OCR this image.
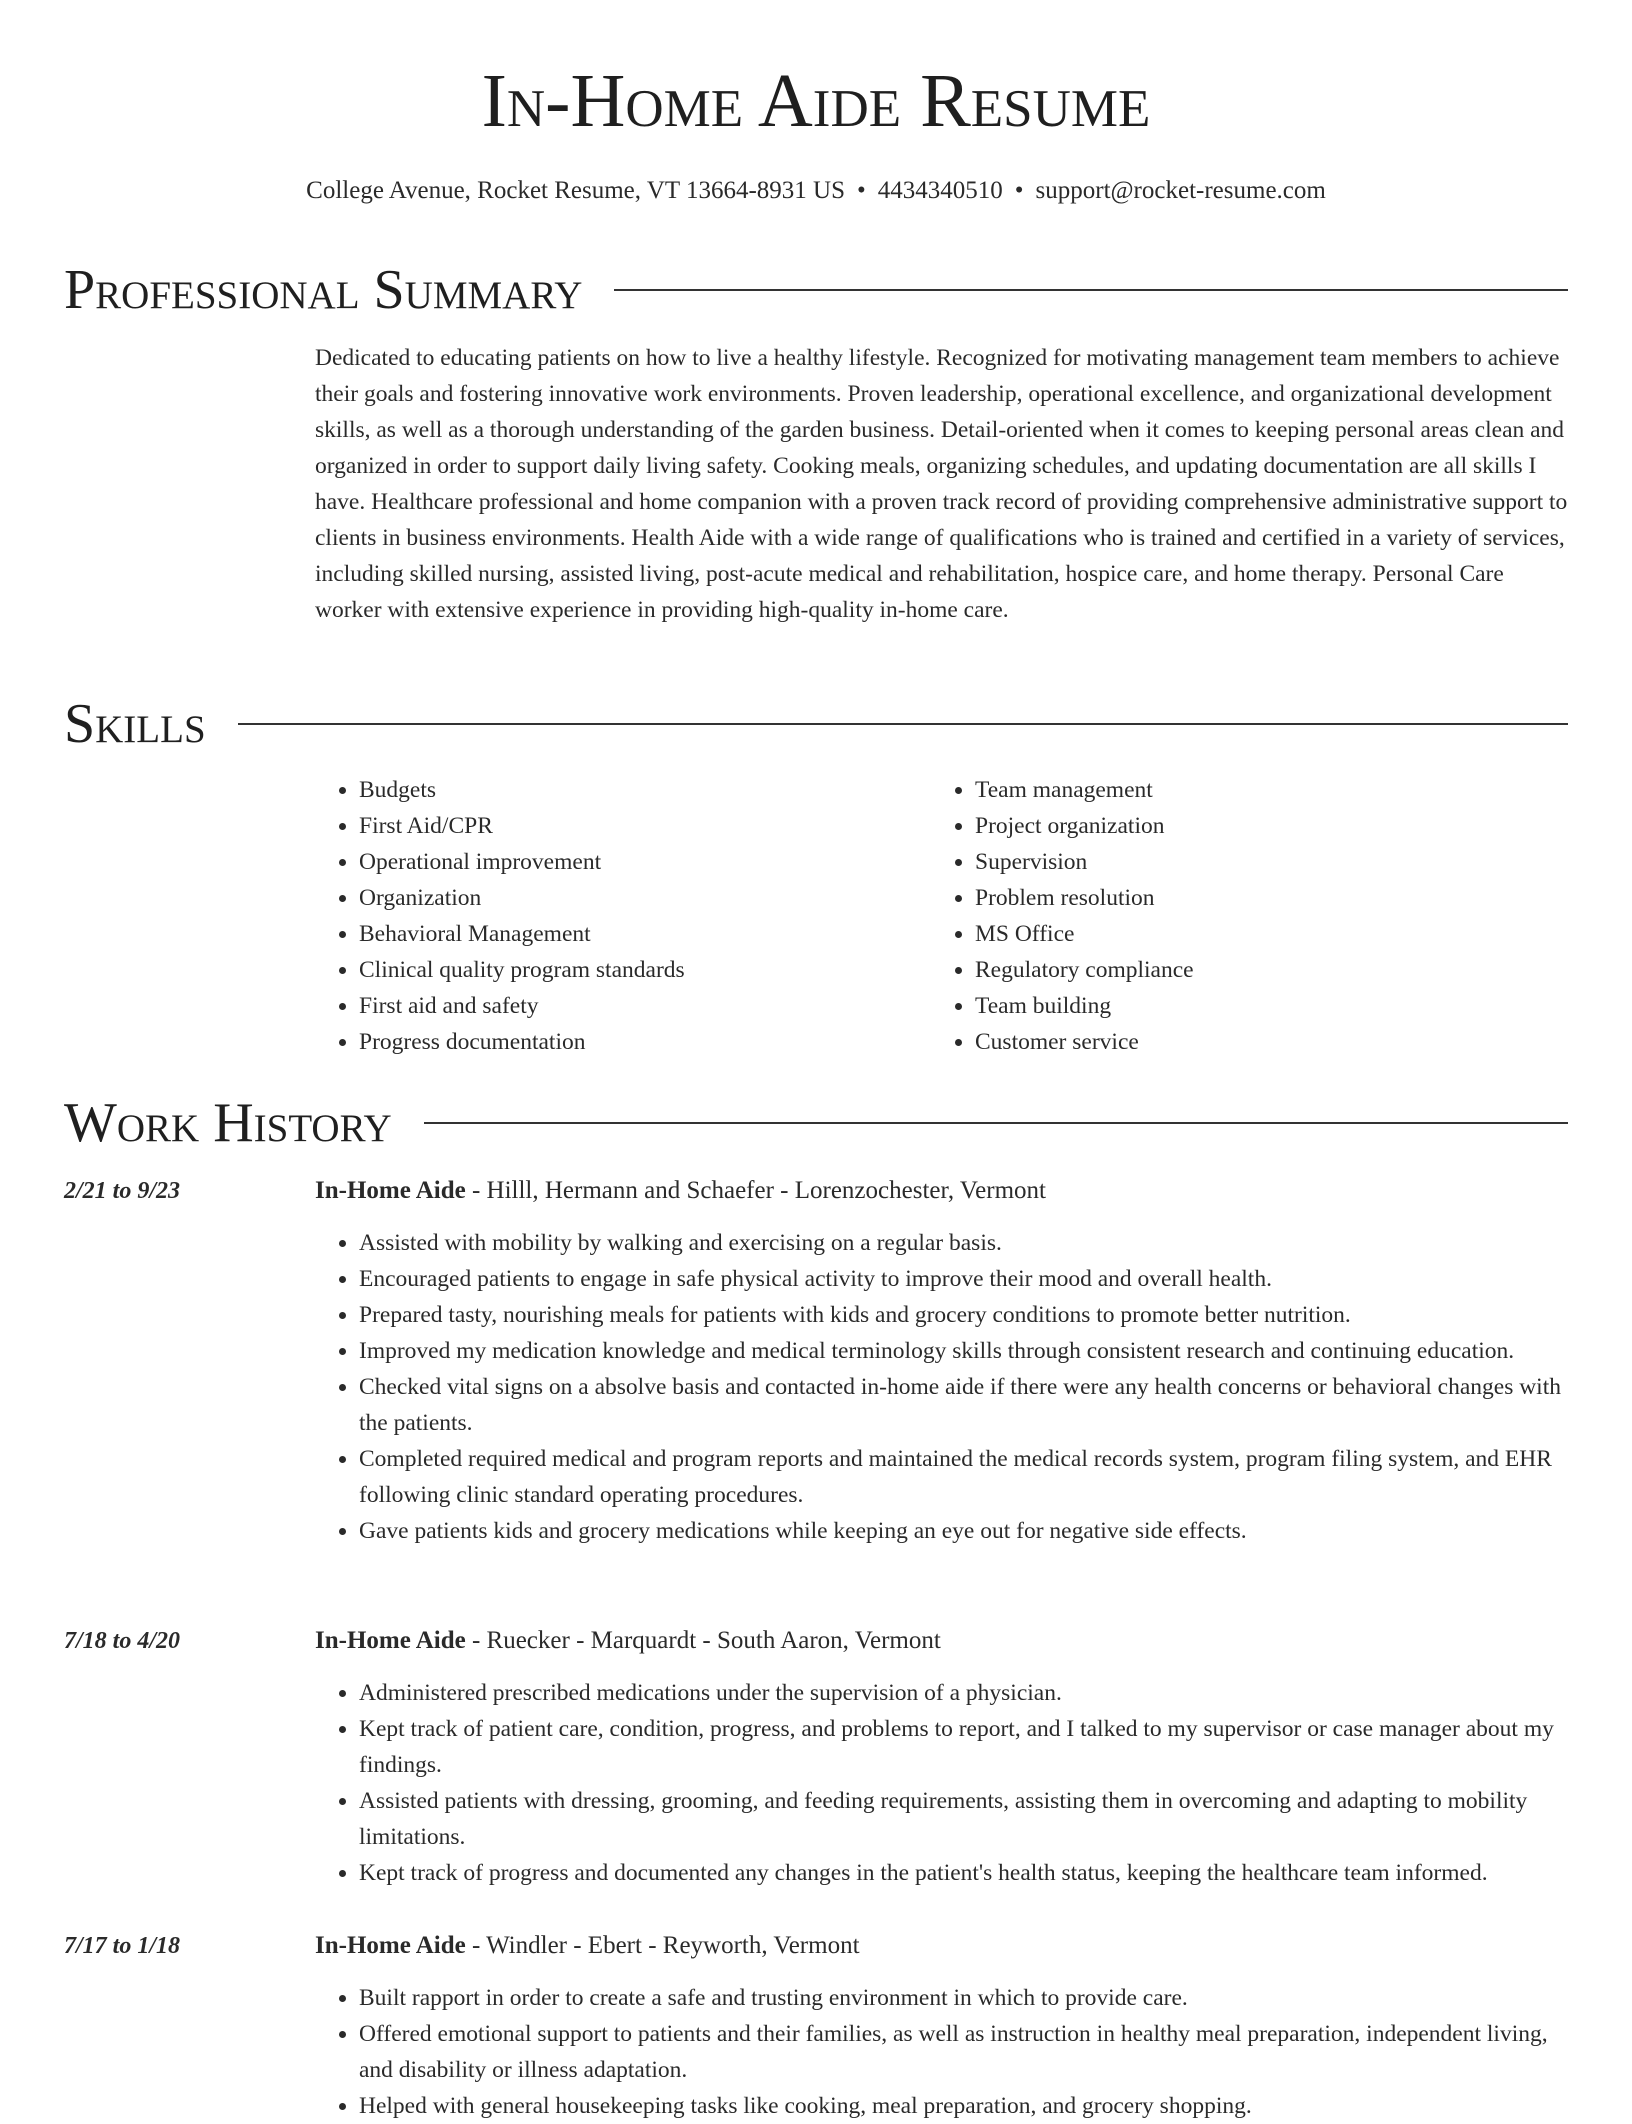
In-Home Aide Resume
College Avenue, Rocket Resume, VT 13664-8931 US • 4434340510 • support@rocket-resume.com
Professional Summary

Dedicated to educating patients on how to live a healthy lifestyle. Recognized for motivating management team members to achieve their goals and fostering innovative work environments. Proven leadership, operational excellence, and organizational development skills, as well as a thorough understanding of the garden business. Detail-oriented when it comes to keeping personal areas clean and organized in order to support daily living safety. Cooking meals, organizing schedules, and updating documentation are all skills I have. Healthcare professional and home companion with a proven track record of providing comprehensive administrative support to clients in business environments. Health Aide with a wide range of qualifications who is trained and certified in a variety of services, including skilled nursing, assisted living, post-acute medical and rehabilitation, hospice care, and home therapy. Personal Care worker with extensive experience in providing high-quality in-home care.

Skills
• Budgets
• First Aid/CPR
• Operational improvement
• Organization
• Behavioral Management
• Clinical quality program standards
• First aid and safety
• Progress documentation
• Team management
• Project organization
• Supervision
• Problem resolution
• MS Office
• Regulatory compliance
• Team building
• Customer service
Work History
2/21 to 9/23	In-Home Aide - Hilll, Hermann and Schaefer - Lorenzochester, Vermont
• Assisted with mobility by walking and exercising on a regular basis.
• Encouraged patients to engage in safe physical activity to improve their mood and overall health.
• Prepared tasty, nourishing meals for patients with kids and grocery conditions to promote better nutrition.
• Improved my medication knowledge and medical terminology skills through consistent research and continuing education.
• Checked vital signs on a absolve basis and contacted in-home aide if there were any health concerns or behavioral changes with the patients.
• Completed required medical and program reports and maintained the medical records system, program filing system, and EHR following clinic standard operating procedures.
• Gave patients kids and grocery medications while keeping an eye out for negative side effects.
7/18 to 4/20	In-Home Aide - Ruecker - Marquardt - South Aaron, Vermont
• Administered prescribed medications under the supervision of a physician.
• Kept track of patient care, condition, progress, and problems to report, and I talked to my supervisor or case manager about my findings.
• Assisted patients with dressing, grooming, and feeding requirements, assisting them in overcoming and adapting to mobility limitations.
• Kept track of progress and documented any changes in the patient's health status, keeping the healthcare team informed.
7/17 to 1/18	In-Home Aide - Windler - Ebert - Reyworth, Vermont
• Built rapport in order to create a safe and trusting environment in which to provide care.
• Offered emotional support to patients and their families, as well as instruction in healthy meal preparation, independent living, and disability or illness adaptation.
• Helped with general housekeeping tasks like cooking, meal preparation, and grocery shopping.
